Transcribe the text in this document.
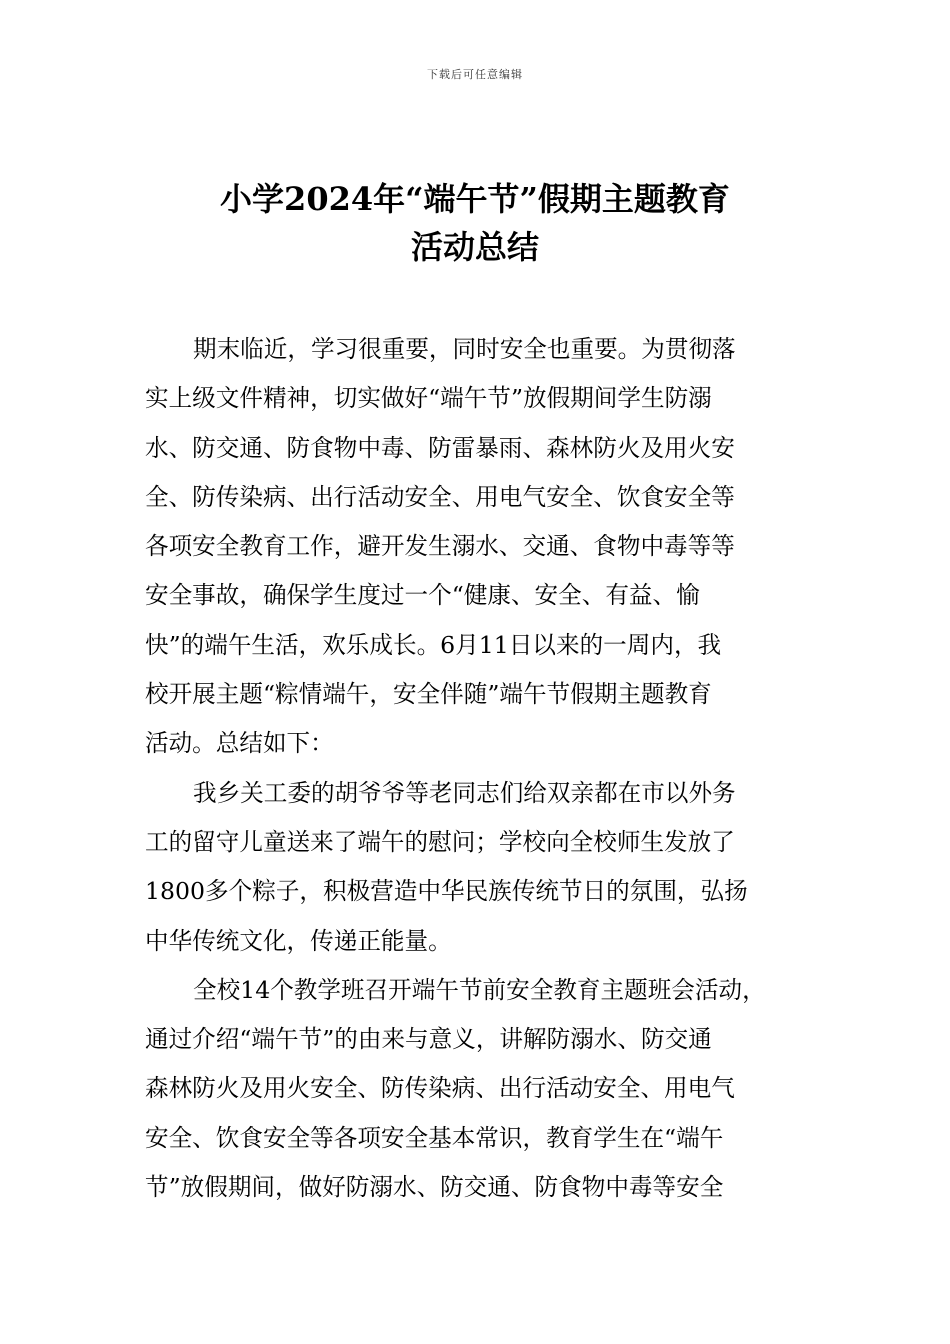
下载后可任意编辑
小学2024年“端午节”假期主题教育
活动总结
期末临近，学习很重要，同时安全也重要。为贯彻落
实上级文件精神，切实做好“端午节”放假期间学生防溺
水、防交通、防食物中毒、防雷暴雨、森林防火及用火安
全、防传染病、出行活动安全、用电气安全、饮食安全等
各项安全教育工作，避开发生溺水、交通、食物中毒等等
安全事故，确保学生度过一个“健康、安全、有益、愉
快”的端午生活，欢乐成长。6月11日以来的一周内，我
校开展主题“粽情端午，安全伴随”端午节假期主题教育
活动。总结如下：
我乡关工委的胡爷爷等老同志们给双亲都在市以外务
工的留守儿童送来了端午的慰问；学校向全校师生发放了
1800多个粽子，积极营造中华民族传统节日的氛围，弘扬
中华传统文化，传递正能量。
全校14个教学班召开端午节前安全教育主题班会活动，
通过介绍“端午节”的由来与意义，讲解防溺水、防交通
森林防火及用火安全、防传染病、出行活动安全、用电气
安全、饮食安全等各项安全基本常识，教育学生在“端午
节”放假期间，做好防溺水、防交通、防食物中毒等安全
